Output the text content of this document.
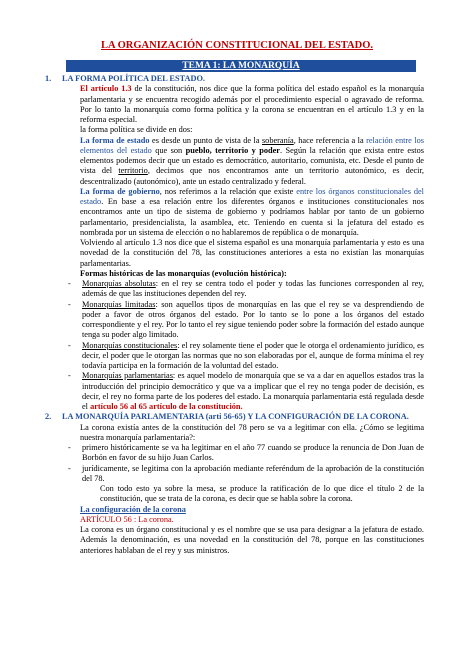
LA ORGANIZACIÓN CONSTITUCIONAL DEL ESTADO.
TEMA 1: LA MONARQUÍA

1. LA FORMA POLÍTICA DEL ESTADO.

El artículo 1.3 de la constitución, nos dice que la forma política del estado español es la monarquía parlamentaria y se encuentra recogido además por el procedimiento especial o agravado de reforma. Por lo tanto la monarquía como forma política y la corona se encuentran en el artículo 1.3 y en la reforma especial.

la forma política se divide en dos:

La forma de estado es desde un punto de vista de la soberanía, hace referencia a la relación entre los elementos del estado que son pueblo, territorio y poder. Según la relación que exista entre estos elementos podemos decir que un estado es democrático, autoritario, comunista, etc. Desde el punto de vista del territorio, decimos que nos encontramos ante un territorio autonómico, es decir, descentralizado (autonómico), ante un estado centralizado y federal.

La forma de gobierno, nos referimos a la relación que existe entre los órganos constitucionales del estado. En base a esa relación entre los diferentes órganos e instituciones constitucionales nos encontramos ante un tipo de sistema de gobierno y podríamos hablar por tanto de un gobierno parlamentario, presidencialista, la asamblea, etc. Teniendo en cuenta si la jefatura del estado es nombrada por un sistema de elección o no hablaremos de república o de monarquía.

Volviendo al artículo 1.3 nos dice que el sistema español es una monarquía parlamentaria y esto es una novedad de la constitución del 78, las constituciones anteriores a esta no existían las monarquías parlamentarias.

Formas históricas de las monarquías (evolución histórica):

- Monarquías absolutas: en el rey se centra todo el poder y todas las funciones corresponden al rey, además de que las instituciones dependen del rey.
- Monarquías limitadas: son aquellos tipos de monarquías en las que el rey se va desprendiendo de poder a favor de otros órganos del estado. Por lo tanto se lo pone a los órganos del estado correspondiente y el rey. Por lo tanto el rey sigue teniendo poder sobre la formación del estado aunque tenga su poder algo limitado.
- Monarquías constitucionales: el rey solamente tiene el poder que le otorga el ordenamiento jurídico, es decir, el poder que le otorgan las normas que no son elaboradas por el, aunque de forma mínima el rey todavía participa en la formación de la voluntad del estado.
- Monarquías parlamentarias: es aquel modelo de monarquía que se va a dar en aquellos estados tras la introducción del principio democrático y que va a implicar que el rey no tenga poder de decisión, es decir, el rey no forma parte de los poderes del estado. La monarquía parlamentaria está regulada desde el artículo 56 al 65 artículo de la constitución.

2. LA MONARQUÍA PARLAMENTARIA (arti 56-65) Y LA CONFIGURACIÓN DE LA CORONA.

La corona existía antes de la constitución del 78 pero se va a legitimar con ella. ¿Cómo se legitima nuestra monarquía parlamentaria?:

- primero históricamente se va ha legitimar en el año 77 cuando se produce la renuncia de Don Juan de Borbón en favor de su hijo Juan Carlos.
- jurídicamente, se legitima con la aprobación mediante referéndum de la aprobación de la constitución del 78.

Con todo esto ya sobre la mesa, se produce la ratificación de lo que dice el título 2 de la constitución, que se trata de la corona, es decir que se habla sobre la corona.

La configuración de la corona

ARTÍCULO 56 : La corona.

La corona es un órgano constitucional y es el nombre que se usa para designar a la jefatura de estado. Además la denominación, es una novedad en la constitución del 78, porque en las constituciones anteriores hablaban de el rey y sus ministros.
